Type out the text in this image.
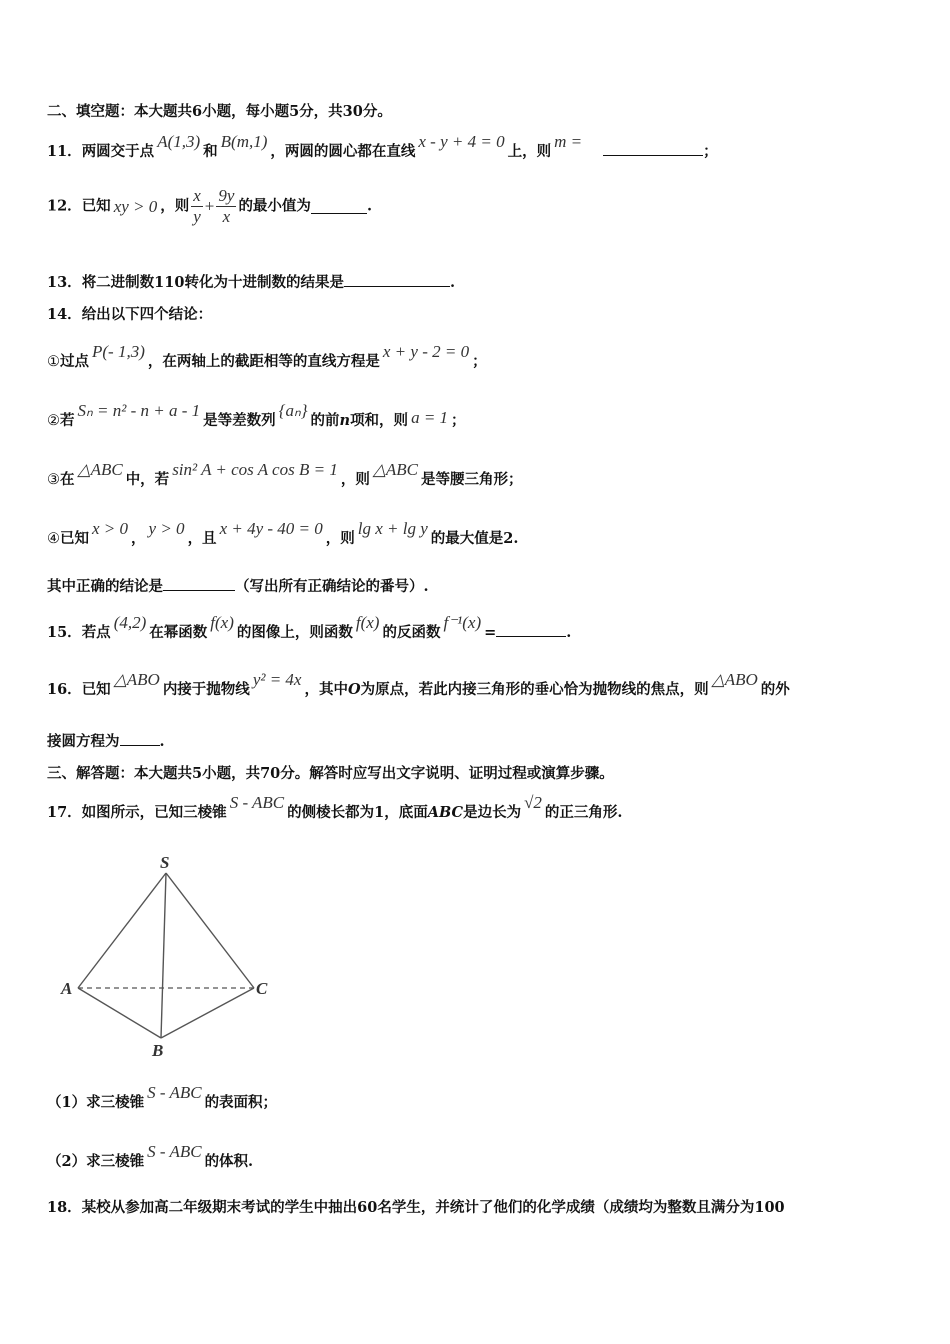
二、填空题：本大题共6小题，每小题5分，共30分。
11．两圆交于点A(1,3)和B(m,1)，两圆的圆心都在直线x - y + 4 = 0上，则m =；
12．已知 xy > 0 ，则 $\frac{x}{y} + \frac{9y}{x}$ 的最小值为	.
13．将二进制数110转化为十进制数的结果是	.
14．给出以下四个结论：
①过点P(- 1,3)，在两轴上的截距相等的直线方程是x + y - 2 = 0；
②若Sₙ = n² - n + a - 1是等差数列{aₙ}的前n项和，则 a = 1 ；
③在△ABC中，若sin² A + cos A cos B = 1，则△ABC是等腰三角形；
④已知x > 0，y > 0，且x + 4y - 40 = 0，则lg x + lg y的最大值是2.
其中正确的结论是	（写出所有正确结论的番号）.
15．若点(4,2)在幂函数f(x)的图像上，则函数f(x)的反函数f⁻¹(x)=	.
16．已知△ABO内接于抛物线y² = 4x，其中O为原点，若此内接三角形的垂心恰为抛物线的焦点，则△ABO的外
接圆方程为	.
三、解答题：本大题共5小题，共70分。解答时应写出文字说明、证明过程或演算步骤。
17．如图所示，已知三棱锥S - ABC的侧棱长都为1，底面ABC是边长为√2的正三角形.
S
A	C
B
（1）求三棱锥S - ABC的表面积；
（2）求三棱锥S - ABC的体积.
18．某校从参加高二年级期末考试的学生中抽出60名学生，并统计了他们的化学成绩（成绩均为整数且满分为100
